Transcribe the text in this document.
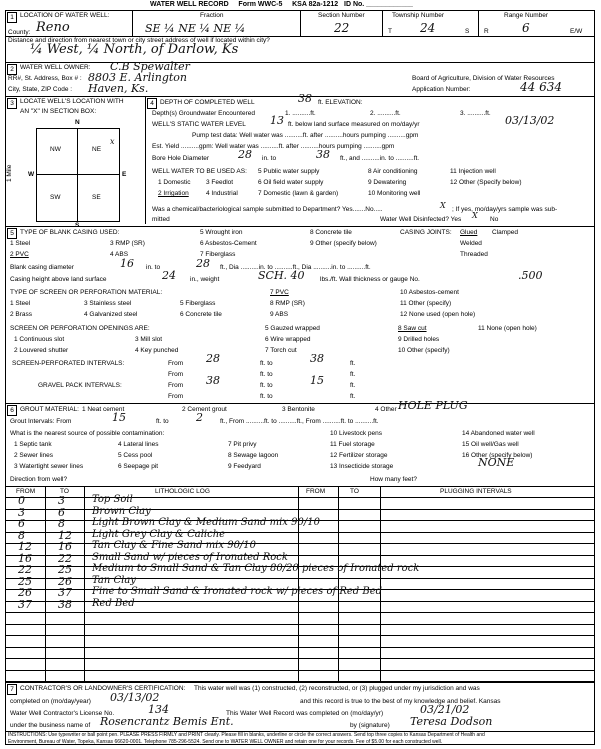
WATER WELL RECORD Form WWC-5 KSA 82a-1212 ID No. ____________
1 LOCATION OF WATER WELL:
County: Reno
Fraction
SE ¼ NE ¼ NE ¼
Section Number
22
Township Number
T 24	S
Range Number
R	6	E/W
Distance and direction from nearest town or city street address of well if located within city?
¼ West, ¼ North, of Darlow, Ks
2 WATER WELL OWNER: C.B Spewalter
RR#, St. Address, Box # : 8803 E. Arlington
City, State, ZIP Code : Haven, Ks.
Board of Agriculture, Division of Water Resources
Application Number:	44 634
3 LOCATE WELL'S LOCATION WITH
AN "X" IN SECTION BOX:
N
S
E
W
1 Mile
NW	NE
SW	SE
x
4 DEPTH OF COMPLETED WELL	38 ft. ELEVATION:
Depth(s) Groundwater Encountered	1. ..........ft.	2. ..........ft.	3. ..........ft.
WELL'S STATIC WATER LEVEL 13 ft. below land surface measured on mo/day/yr	03/13/02
Pump test data: Well water was ..........ft. after ..........hours pumping ..........gpm
Est. Yield ..........gpm: Well water was ..........ft. after ..........hours pumping ..........gpm
Bore Hole Diameter	28 in. to	38 ft., and ..........in. to ..........ft.
WELL WATER TO BE USED AS:
1 Domestic 3 Feedlot
2 Irrigation	4 Industrial
5 Public water supply
6 Oil field water supply
7 Domestic (lawn & garden)
8 Air conditioning
9 Dewatering
10 Monitoring well
11 Injection well
12 Other (Specify below)
Was a chemical/bacteriological sample submitted to Department? Yes.......No.....	X ; If yes, mo/day/yrs sample was sub-
mitted	Water Well Disinfected? Yes X No
5 TYPE OF BLANK CASING USED:
1 Steel
2 PVC
3 RMP (SR)
4 ABS
5 Wrought iron
6 Asbestos-Cement
7 Fiberglass
8 Concrete tile
9 Other (specify below)
CASING JOINTS: Glued Clamped
Welded
Threaded
Blank casing diameter	16 in. to	28 ft., Dia ..........in. to ..........ft., Dia ..........in. to ..........ft.
Casing height above land surface	24 in., weight	SCH. 40 lbs./ft. Wall thickness or gauge No.	.500
TYPE OF SCREEN OR PERFORATION MATERIAL:
1 Steel
2 Brass
3 Stainless steel
4 Galvanized steel
5 Fiberglass
6 Concrete tile
7 PVC
8 RMP (SR)
9 ABS
10 Asbestos-cement
11 Other (specify)
12 None used (open hole)
SCREEN OR PERFORATION OPENINGS ARE:
1 Continuous slot
2 Louvered shutter
3 Mill slot
4 Key punched
5 Gauzed wrapped
6 Wire wrapped
7 Torch cut
8 Saw cut
9 Drilled holes
10 Other (specify)
11 None (open hole)
SCREEN-PERFORATED INTERVALS:	From 28	ft. to	38	ft.
From	ft. to	ft.
GRAVEL PACK INTERVALS:	From 38	ft. to	15	ft.
From	ft. to	ft.
6 GROUT MATERIAL: 1 Neat cement	2 Cement grout	3 Bentonite	4 Other HOLE PLUG
Grout Intervals: From	15	ft. to 2	ft., From ..........ft. to ..........ft., From ..........ft. to ..........ft.
What is the nearest source of possible contamination:
1 Septic tank
2 Sewer lines
3 Watertight sewer lines
4 Lateral lines
5 Cess pool
6 Seepage pit
7 Pit privy
8 Sewage lagoon
9 Feedyard
10 Livestock pens
11 Fuel storage
12 Fertilizer storage
13 Insecticide storage
14 Abandoned water well
15 Oil well/Gas well
16 Other (specify below)
NONE
Direction from well?	How many feet?
FROM	TO	LITHOLOGIC LOG	FROM	TO	PLUGGING INTERVALS
0	3	Top Soil
3	6	Brown Clay
6	8	Light Brown Clay & Medium Sand mix 90/10
8	12 Light Grey Clay & Caliche
12 16 Tan Clay & Fine Sand mix 90/10
16 22 Small Sand w/ pieces of Ironated Rock
22 25 Medium to Small Sand & Tan Clay 80/20 pieces of Ironated rock
25 26 Tan Clay
26 37 Fine to Small Sand & Ironated rock w/ pieces of Red Bed
37 38 Red Bed
7 CONTRACTOR'S OR LANDOWNER'S CERTIFICATION: This water well was (1) constructed, (2) reconstructed, or (3) plugged under my jurisdiction and was
completed on (mo/day/year) 03/13/02	and this record is true to the best of my knowledge and belief. Kansas
Water Well Contractor's License No.	134	This Water Well Record was completed on (mo/day/yr)	03/21/02
under the business name of Rosencrantz Bemis Ent.	by (signature) Teresa Dodson
INSTRUCTIONS: Use typewriter or ball point pen. PLEASE PRESS FIRMLY and PRINT clearly. Please fill in blanks, underline or circle the correct answers. Send top three copies to Kansas Department of Health and
Environment, Bureau of Water, Topeka, Kansas 66620-0001. Telephone 785-296-5524. Send one to WATER WELL OWNER and retain one for your records. Fee of $5.00 for each constructed well.
